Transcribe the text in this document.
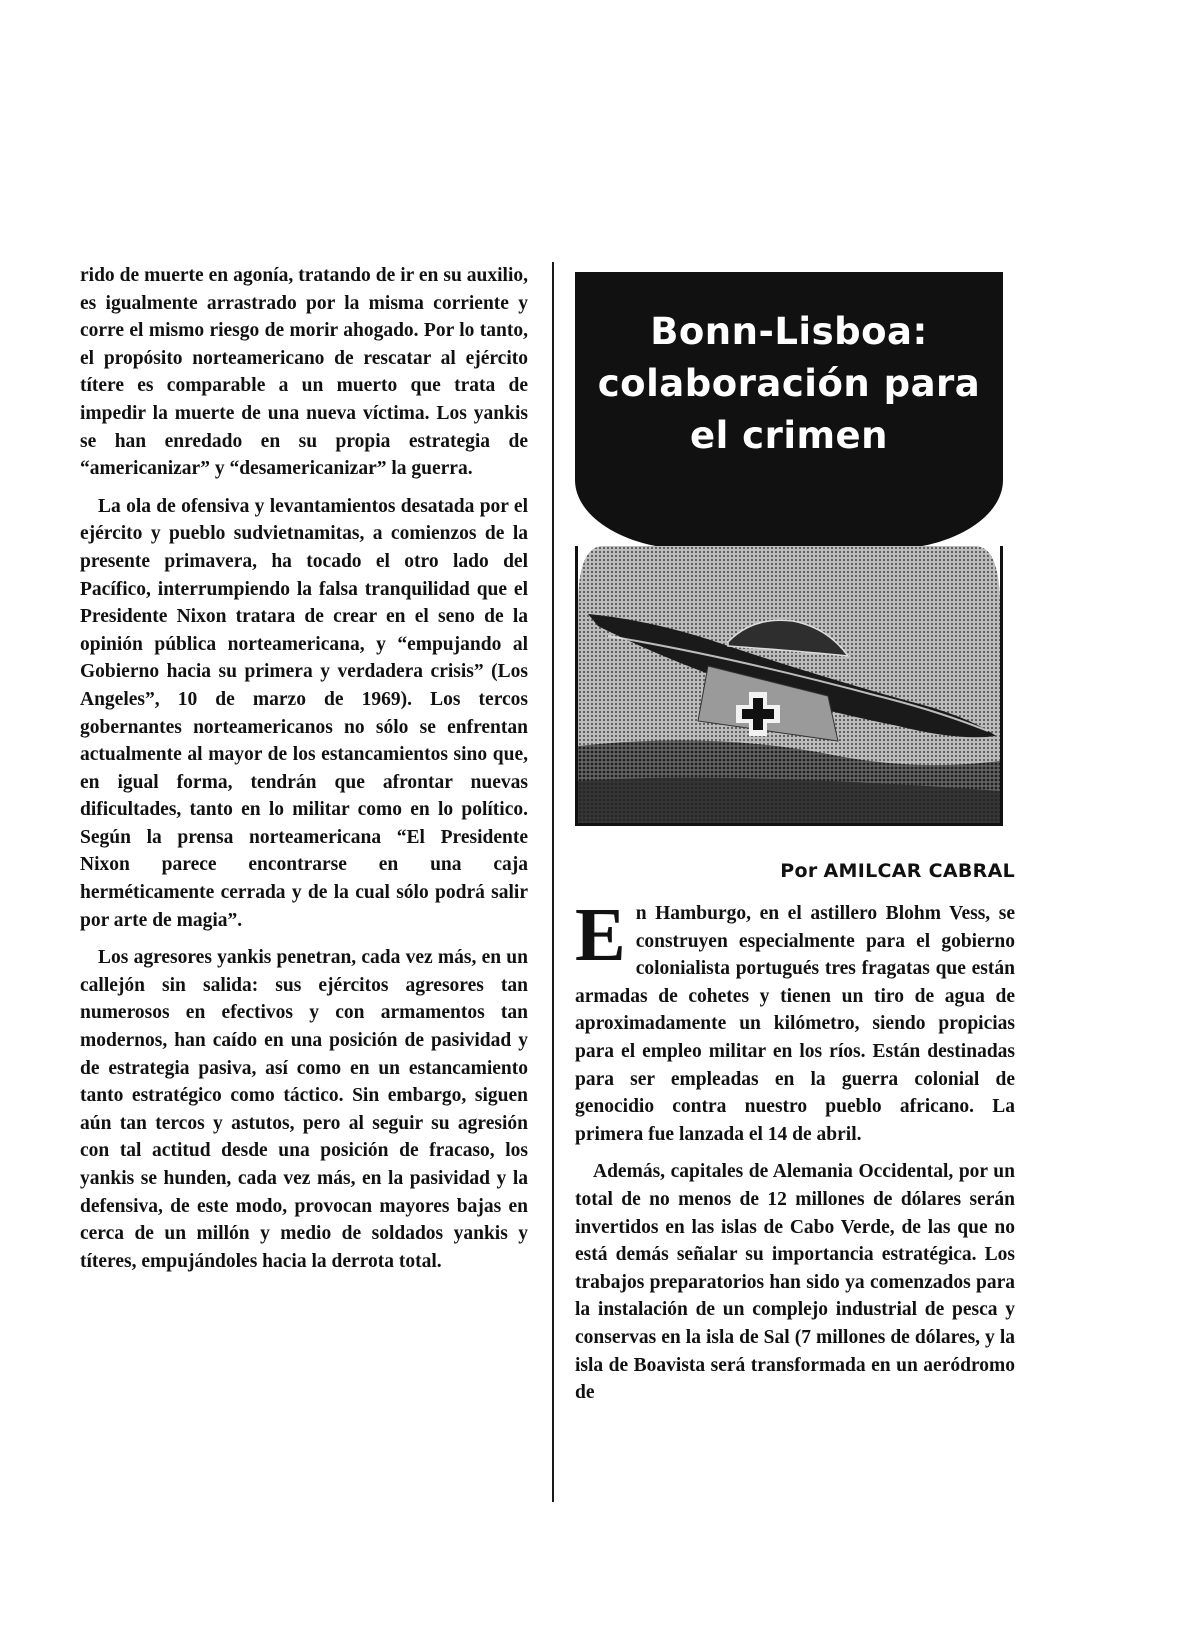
rido de muerte en agonía, tratando de ir en su auxilio, es igualmente arrastrado por la misma corriente y corre el mismo riesgo de morir ahogado. Por lo tanto, el propósito norteamericano de rescatar al ejército títere es comparable a un muerto que trata de impedir la muerte de una nueva víctima. Los yankis se han enredado en su propia estrategia de “americanizar” y “desamericanizar” la guerra.

La ola de ofensiva y levantamientos desatada por el ejército y pueblo sudvietnamitas, a comienzos de la presente primavera, ha tocado el otro lado del Pacífico, interrumpiendo la falsa tranquilidad que el Presidente Nixon tratara de crear en el seno de la opinión pública norteamericana, y “empujando al Gobierno hacia su primera y verdadera crisis” (Los Angeles”, 10 de marzo de 1969). Los tercos gobernantes norteamericanos no sólo se enfrentan actualmente al mayor de los estancamientos sino que, en igual forma, tendrán que afrontar nuevas dificultades, tanto en lo militar como en lo político. Según la prensa norteamericana “El Presidente Nixon parece encontrarse en una caja herméticamente cerrada y de la cual sólo podrá salir por arte de magia”.

Los agresores yankis penetran, cada vez más, en un callejón sin salida: sus ejércitos agresores tan numerosos en efectivos y con armamentos tan modernos, han caído en una posición de pasividad y de estrategia pasiva, así como en un estancamiento tanto estratégico como táctico. Sin embargo, siguen aún tan tercos y astutos, pero al seguir su agresión con tal actitud desde una posición de fracaso, los yankis se hunden, cada vez más, en la pasividad y la defensiva, de este modo, provocan mayores bajas en cerca de un millón y medio de soldados yankis y títeres, empujándoles hacia la derrota total.

Bonn-Lisboa: colaboración para el crimen
Por AMILCAR CABRAL

En Hamburgo, en el astillero Blohm Vess, se construyen especialmente para el gobierno colonialista portugués tres fragatas que están armadas de cohetes y tienen un tiro de agua de aproximadamente un kilómetro, siendo propicias para el empleo militar en los ríos. Están destinadas para ser empleadas en la guerra colonial de genocidio contra nuestro pueblo africano. La primera fue lanzada el 14 de abril.

Además, capitales de Alemania Occidental, por un total de no menos de 12 millones de dólares serán invertidos en las islas de Cabo Verde, de las que no está demás señalar su importancia estratégica. Los trabajos preparatorios han sido ya comenzados para la instalación de un complejo industrial de pesca y conservas en la isla de Sal (7 millones de dólares, y la isla de Boavista será transformada en un aeródromo de
